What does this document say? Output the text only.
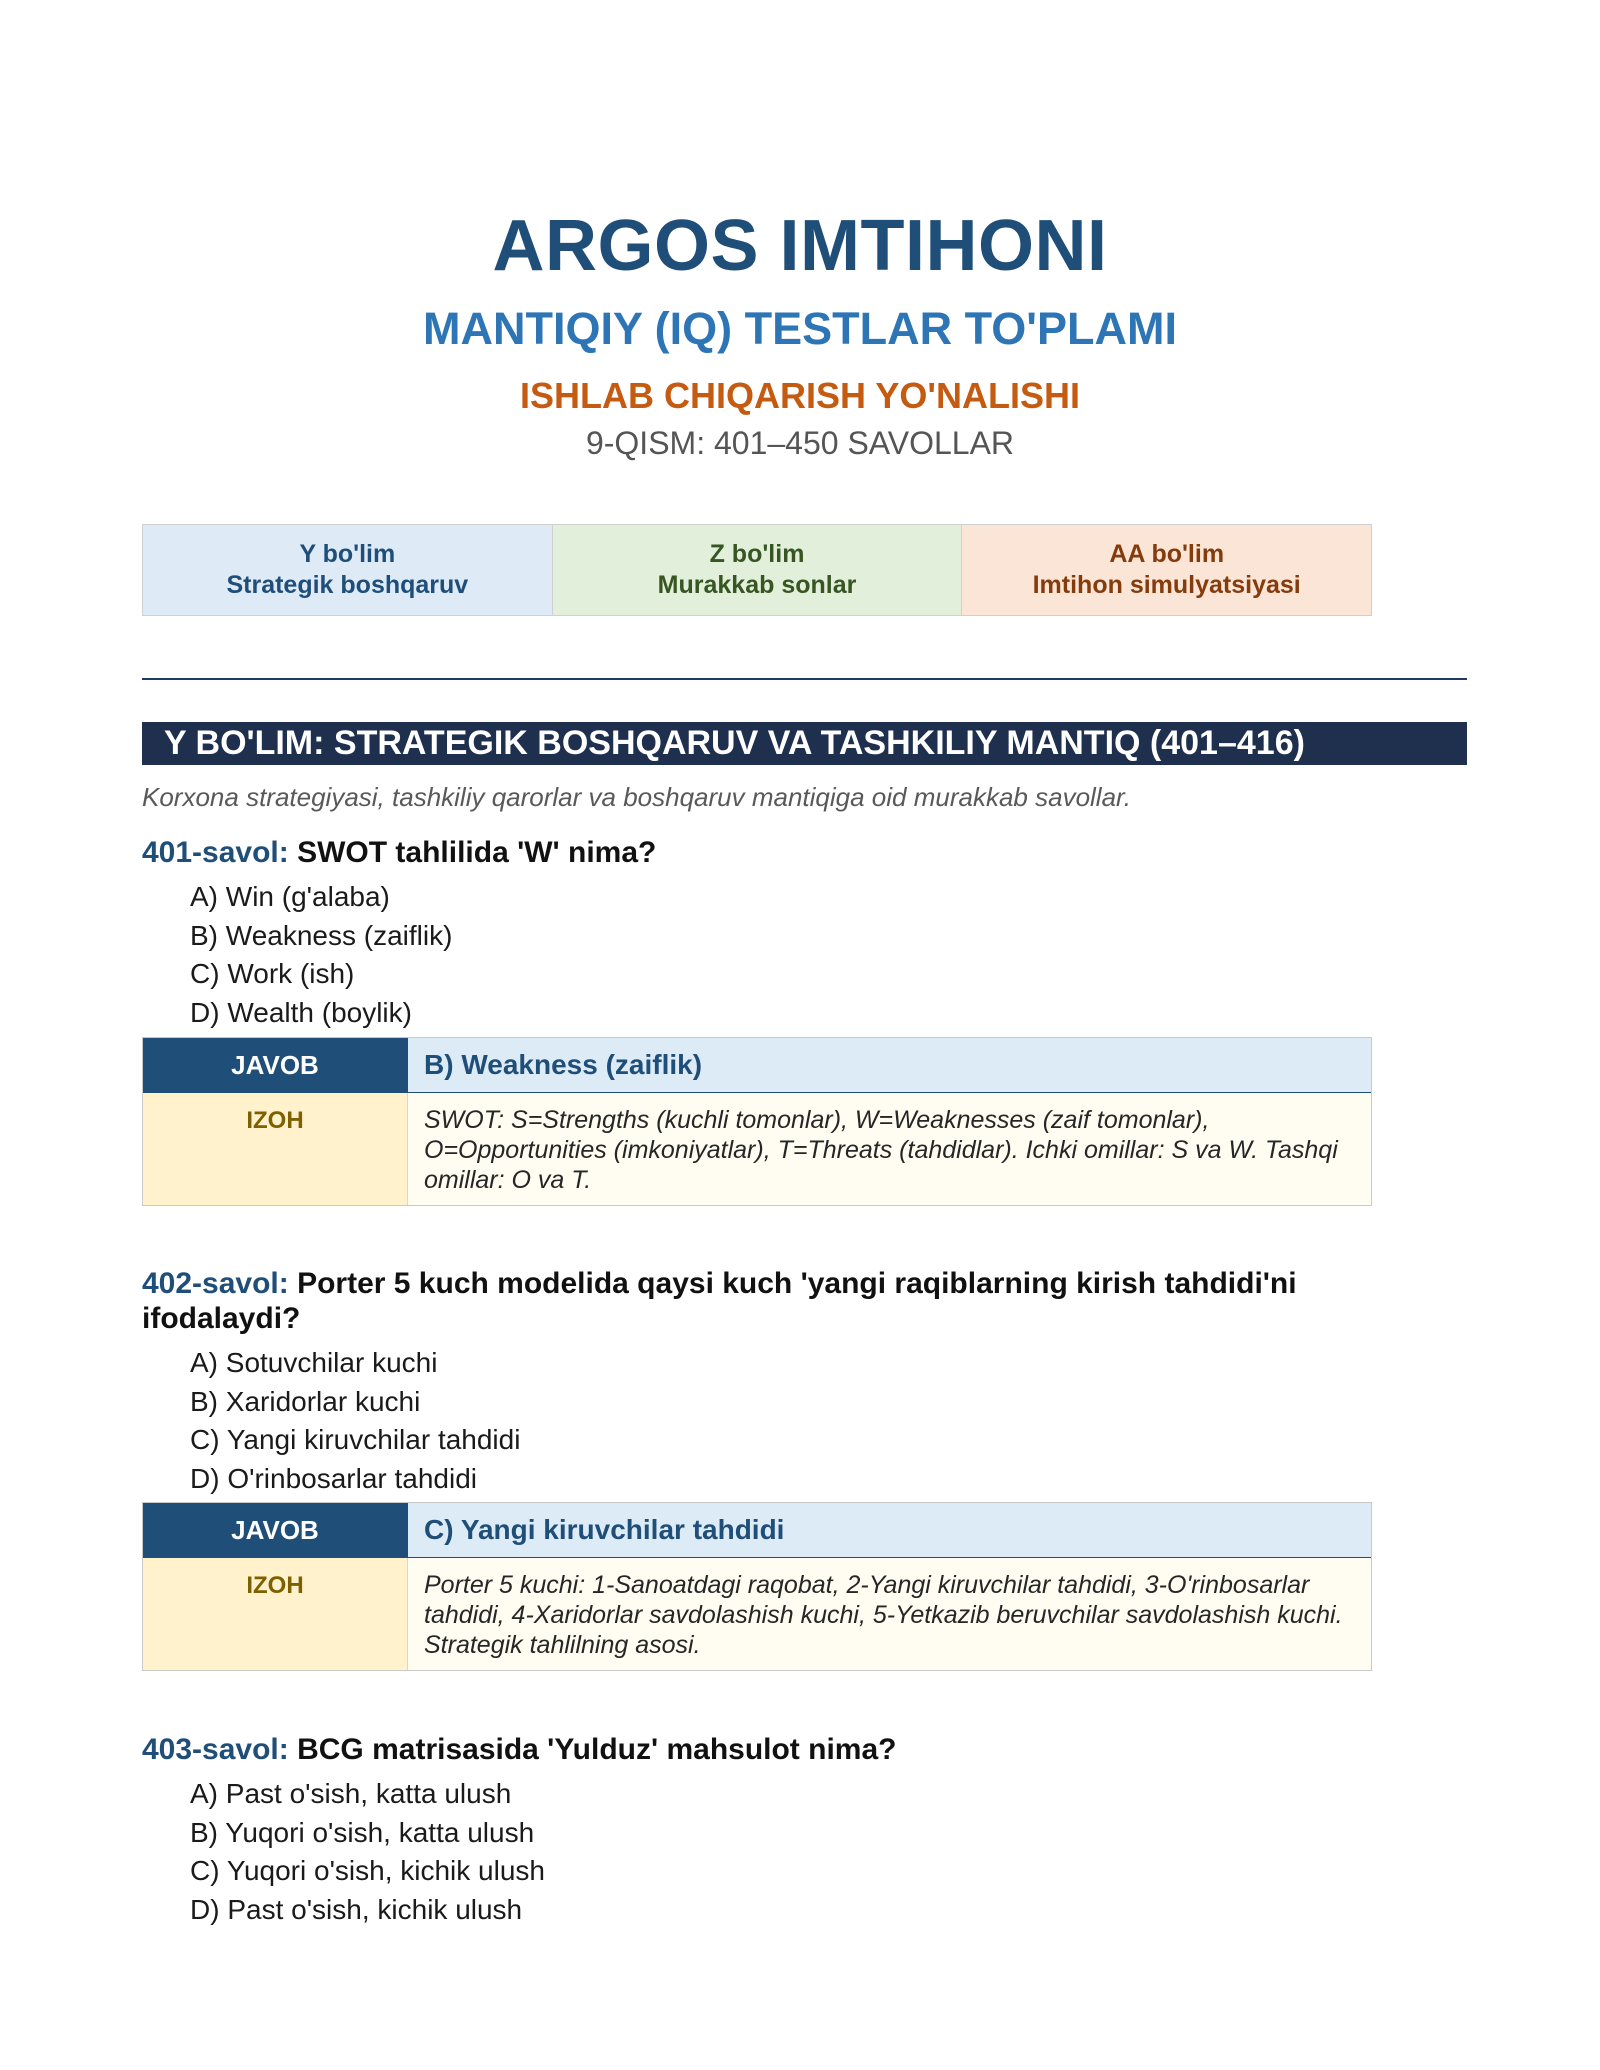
ARGOS IMTIHONI
MANTIQIY (IQ) TESTLAR TO'PLAMI
ISHLAB CHIQARISH YO'NALISHI
9-QISM: 401–450 SAVOLLAR
Y bo'lim
Strategik boshqaruv
Z bo'lim
Murakkab sonlar
AA bo'lim
Imtihon simulyatsiyasi
Y BO'LIM: STRATEGIK BOSHQARUV VA TASHKILIY MANTIQ (401–416)
Korxona strategiyasi, tashkiliy qarorlar va boshqaruv mantiqiga oid murakkab savollar.
401-savol: SWOT tahlilida 'W' nima?
A) Win (g'alaba)
B) Weakness (zaiflik)
C) Work (ish)
D) Wealth (boylik)
JAVOB	B) Weakness (zaiflik)
IZOH	SWOT: S=Strengths (kuchli tomonlar), W=Weaknesses (zaif tomonlar), O=Opportunities (imkoniyatlar), T=Threats (tahdidlar). Ichki omillar: S va W. Tashqi omillar: O va T.
402-savol: Porter 5 kuch modelida qaysi kuch 'yangi raqiblarning kirish tahdidi'ni ifodalaydi?
A) Sotuvchilar kuchi
B) Xaridorlar kuchi
C) Yangi kiruvchilar tahdidi
D) O'rinbosarlar tahdidi
JAVOB	C) Yangi kiruvchilar tahdidi
IZOH	Porter 5 kuchi: 1-Sanoatdagi raqobat, 2-Yangi kiruvchilar tahdidi, 3-O'rinbosarlar tahdidi, 4-Xaridorlar savdolashish kuchi, 5-Yetkazib beruvchilar savdolashish kuchi. Strategik tahlilning asosi.
403-savol: BCG matrisasida 'Yulduz' mahsulot nima?
A) Past o'sish, katta ulush
B) Yuqori o'sish, katta ulush
C) Yuqori o'sish, kichik ulush
D) Past o'sish, kichik ulush
